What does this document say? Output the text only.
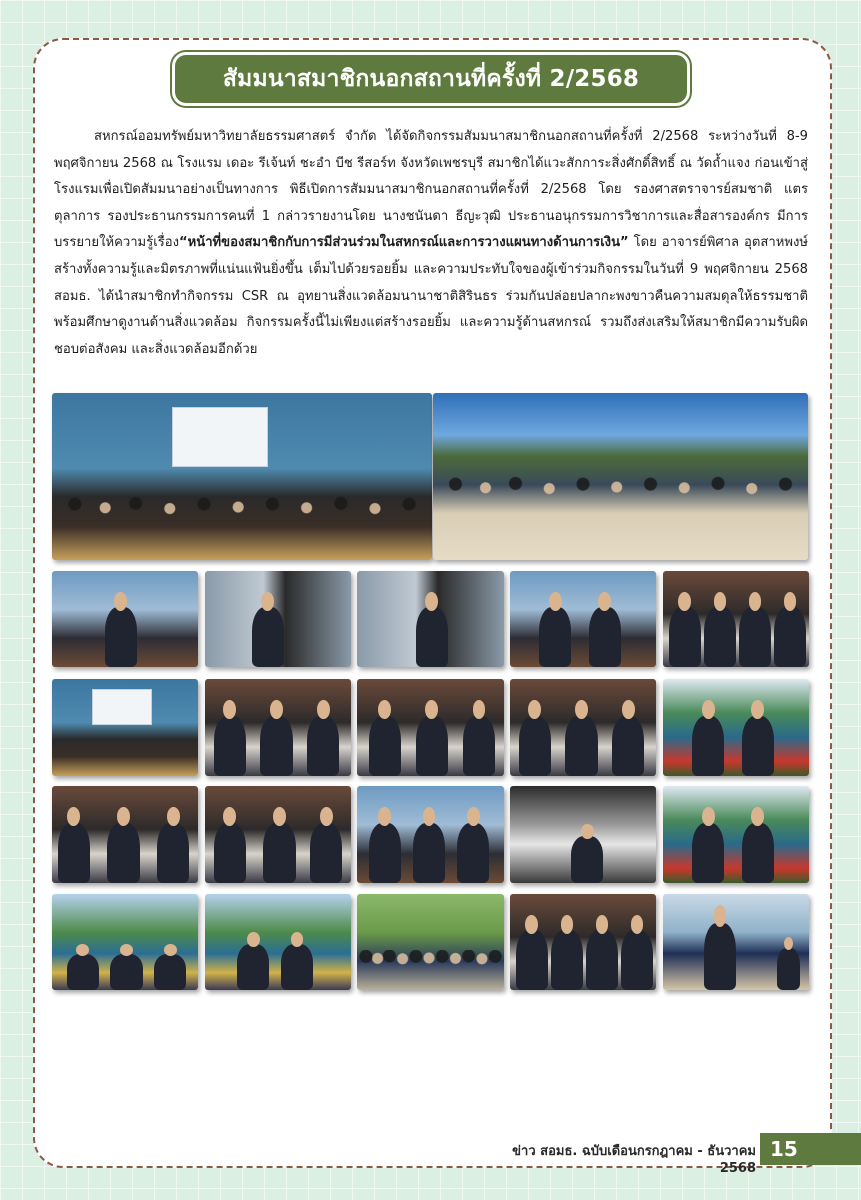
สัมมนาสมาชิกนอกสถานที่ครั้งที่ 2/2568
สหกรณ์ออมทรัพย์มหาวิทยาลัยธรรมศาสตร์ จำกัด ได้จัดกิจกรรมสัมมนาสมาชิกนอกสถานที่ครั้งที่ 2/2568 ระหว่างวันที่ 8-9 พฤศจิกายน 2568 ณ โรงแรม เดอะ รีเจ้นท์ ชะอำ บีช รีสอร์ท จังหวัดเพชรบุรี สมาชิกได้แวะสักการะสิ่งศักดิ์สิทธิ์ ณ วัดถ้ำแจง ก่อนเข้าสู่โรงแรมเพื่อเปิดสัมมนาอย่างเป็นทางการ พิธีเปิดการสัมมนาสมาชิกนอกสถานที่ครั้งที่ 2/2568 โดย รองศาสตราจารย์สมชาติ แตรตุลาการ รองประธานกรรมการคนที่ 1 กล่าวรายงานโดย นางชนันดา ธีญะวุฒิ ประธานอนุกรรมการวิชาการและสื่อสารองค์กร มีการบรรยายให้ความรู้เรื่อง“หน้าที่ของสมาชิกกับการมีส่วนร่วมในสหกรณ์และการวางแผนทางด้านการเงิน” โดย อาจารย์พิศาล อุตสาหพงษ์ สร้างทั้งความรู้และมิตรภาพที่แน่นแฟ้นยิ่งขึ้น เต็มไปด้วยรอยยิ้ม และความประทับใจของผู้เข้าร่วมกิจกรรมในวันที่ 9 พฤศจิกายน 2568 สอมธ. ได้นำสมาชิกทำกิจกรรม CSR ณ อุทยานสิ่งแวดล้อมนานาชาติสิรินธร ร่วมกันปล่อยปลากะพงขาวคืนความสมดุลให้ธรรมชาติ พร้อมศึกษาดูงานด้านสิ่งแวดล้อม กิจกรรมครั้งนี้ไม่เพียงแต่สร้างรอยยิ้ม และความรู้ด้านสหกรณ์ รวมถึงส่งเสริมให้สมาชิกมีความรับผิดชอบต่อสังคม และสิ่งแวดล้อมอีกด้วย
ข่าว สอมธ. ฉบับเดือนกรกฎาคม - ธันวาคม 2568
15
